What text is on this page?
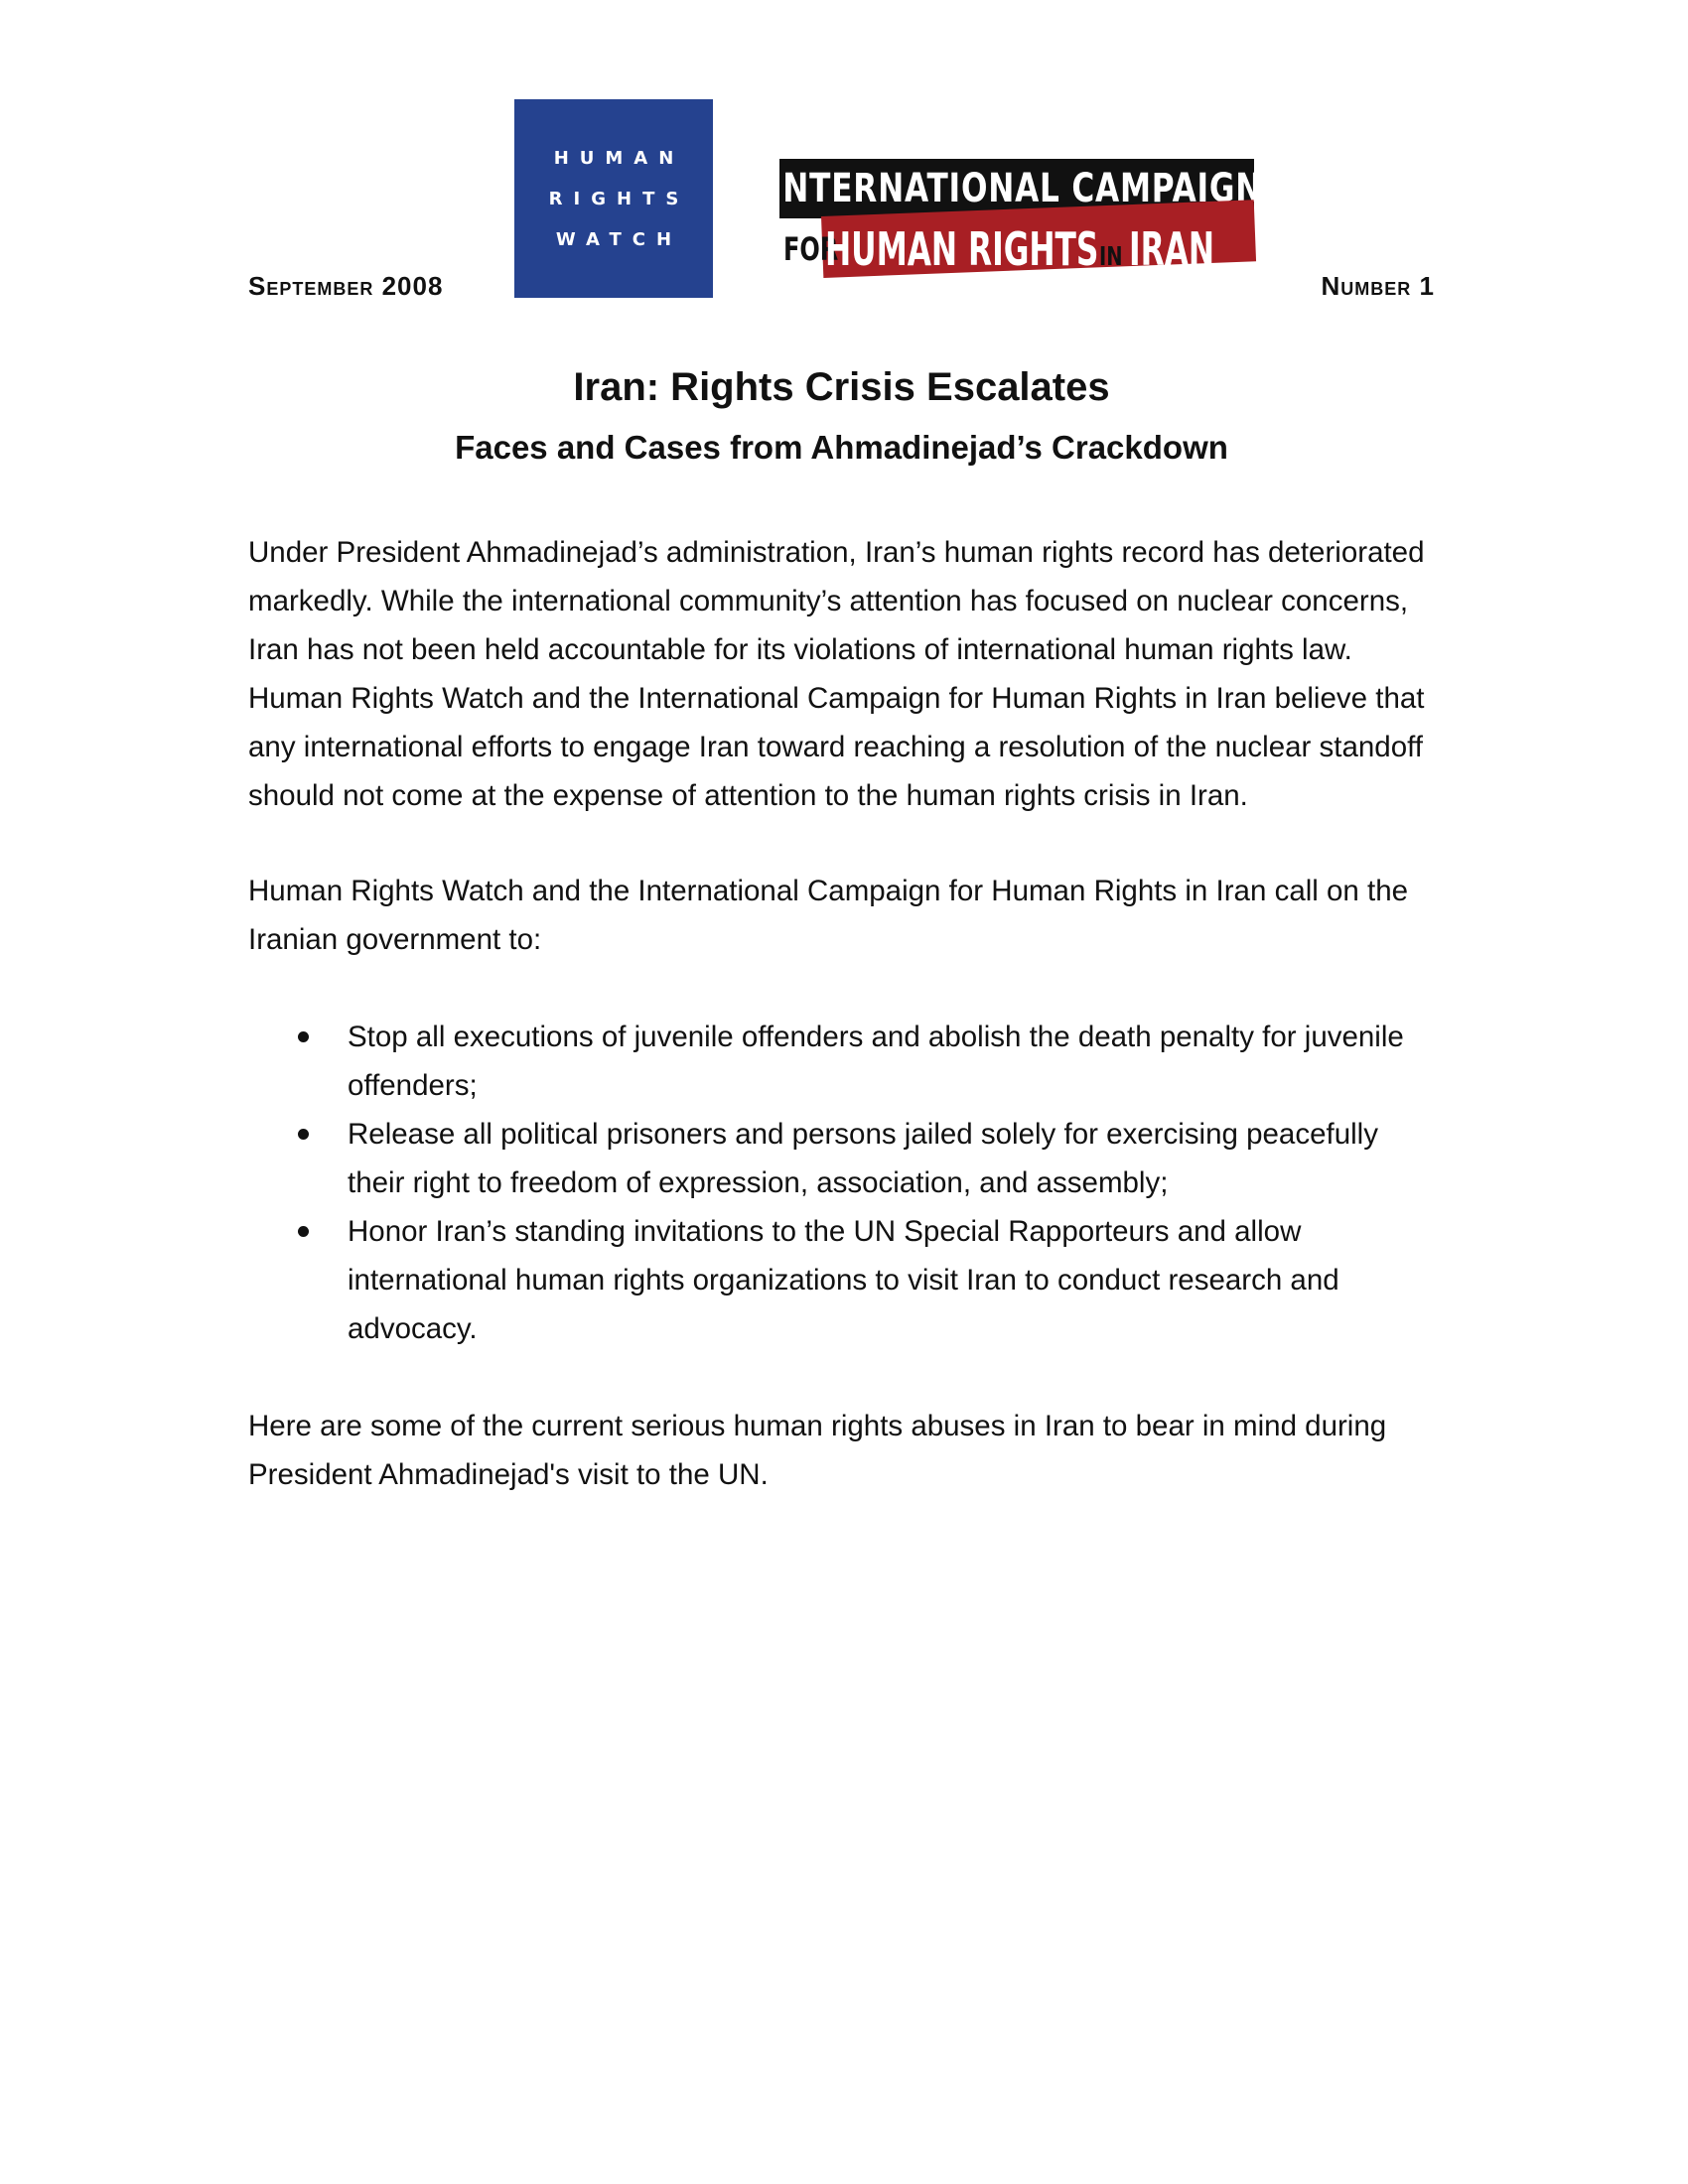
September 2008
HUMAN
RIGHTS
WATCH
INTERNATIONAL CAMPAIGN
FOR
HUMAN RIGHTS IN IRAN
Number 1
Iran: Rights Crisis Escalates
Faces and Cases from Ahmadinejad’s Crackdown

Under President Ahmadinejad’s administration, Iran’s human rights record has deteriorated markedly. While the international community’s attention has focused on nuclear concerns, Iran has not been held accountable for its violations of international human rights law. Human Rights Watch and the International Campaign for Human Rights in Iran believe that any international efforts to engage Iran toward reaching a resolution of the nuclear standoff should not come at the expense of attention to the human rights crisis in Iran.

Human Rights Watch and the International Campaign for Human Rights in Iran call on the Iranian government to:

Stop all executions of juvenile offenders and abolish the death penalty for juvenile offenders;
Release all political prisoners and persons jailed solely for exercising peacefully their right to freedom of expression, association, and assembly;
Honor Iran’s standing invitations to the UN Special Rapporteurs and allow international human rights organizations to visit Iran to conduct research and advocacy.

Here are some of the current serious human rights abuses in Iran to bear in mind during President Ahmadinejad's visit to the UN.
